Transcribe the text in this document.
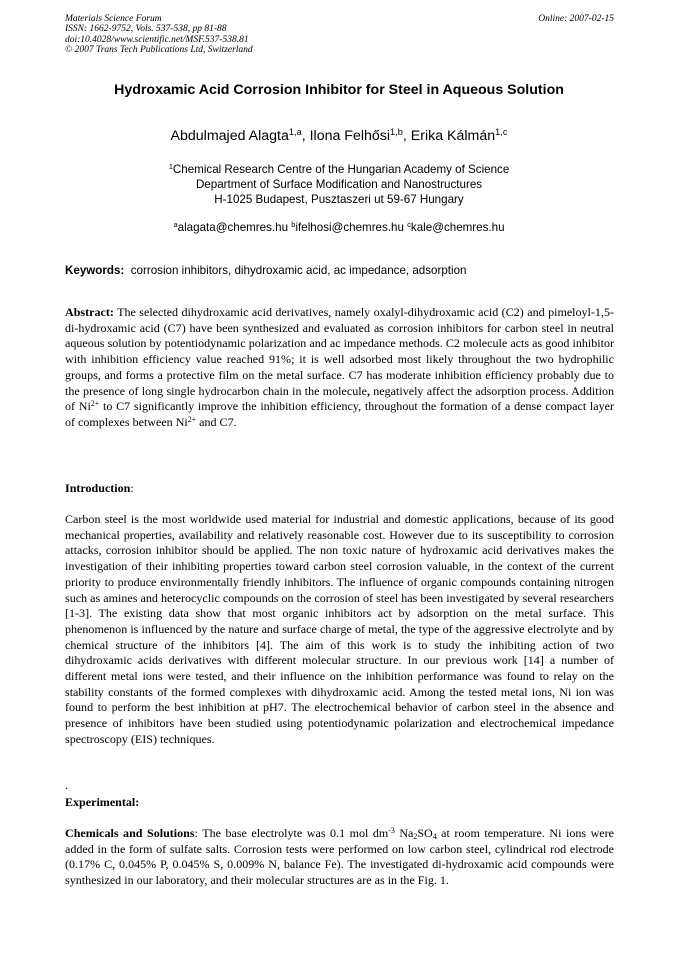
Materials Science Forum
ISSN: 1662-9752, Vols. 537-538, pp 81-88
doi:10.4028/www.scientific.net/MSF.537-538.81
© 2007 Trans Tech Publications Ltd, Switzerland
Online: 2007-02-15
Hydroxamic Acid Corrosion Inhibitor for Steel in Aqueous Solution
Abdulmajed Alagta$^{1,a}$, Ilona Felhősi$^{1,b}$, Erika Kálmán$^{1,c}$
$^1$Chemical Research Centre of the Hungarian Academy of Science
Department of Surface Modification and Nanostructures
H-1025 Budapest, Pusztaszeri ut 59-67 Hungary
$^a$alagata@chemres.hu $^b$ifelhosi@chemres.hu $^c$kale@chemres.hu
Keywords: corrosion inhibitors, dihydroxamic acid, ac impedance, adsorption
Abstract: The selected dihydroxamic acid derivatives, namely oxalyl-dihydroxamic acid (C2) and pimeloyl-1,5-di-hydroxamic acid (C7) have been synthesized and evaluated as corrosion inhibitors for carbon steel in neutral aqueous solution by potentiodynamic polarization and ac impedance methods. C2 molecule acts as good inhibitor with inhibition efficiency value reached 91%; it is well adsorbed most likely throughout the two hydrophilic groups, and forms a protective film on the metal surface. C7 has moderate inhibition efficiency probably due to the presence of long single hydrocarbon chain in the molecule, negatively affect the adsorption process. Addition of $Ni^{2+}$ to C7 significantly improve the inhibition efficiency, throughout the formation of a dense compact layer of complexes between $Ni^{2+}$ and C7.
Introduction:
Carbon steel is the most worldwide used material for industrial and domestic applications, because of its good mechanical properties, availability and relatively reasonable cost. However due to its susceptibility to corrosion attacks, corrosion inhibitor should be applied. The non toxic nature of hydroxamic acid derivatives makes the investigation of their inhibiting properties toward carbon steel corrosion valuable, in the context of the current priority to produce environmentally friendly inhibitors. The influence of organic compounds containing nitrogen such as amines and heterocyclic compounds on the corrosion of steel has been investigated by several researchers [1-3]. The existing data show that most organic inhibitors act by adsorption on the metal surface. This phenomenon is influenced by the nature and surface charge of metal, the type of the aggressive electrolyte and by chemical structure of the inhibitors [4]. The aim of this work is to study the inhibiting action of two dihydroxamic acids derivatives with different molecular structure. In our previous work [14] a number of different metal ions were tested, and their influence on the inhibition performance was found to relay on the stability constants of the formed complexes with dihydroxamic acid. Among the tested metal ions, Ni ion was found to perform the best inhibition at pH7. The electrochemical behavior of carbon steel in the absence and presence of inhibitors have been studied using potentiodynamic polarization and electrochemical impedance spectroscopy (EIS) techniques.
.
Experimental:
Chemicals and Solutions: The base electrolyte was 0.1 mol $dm^{-3}$ $Na_2SO_4$ at room temperature. Ni ions were added in the form of sulfate salts. Corrosion tests were performed on low carbon steel, cylindrical rod electrode (0.17% C, 0.045% P, 0.045% S, 0.009% N, balance Fe). The investigated di-hydroxamic acid compounds were synthesized in our laboratory, and their molecular structures are as in the Fig. 1.
